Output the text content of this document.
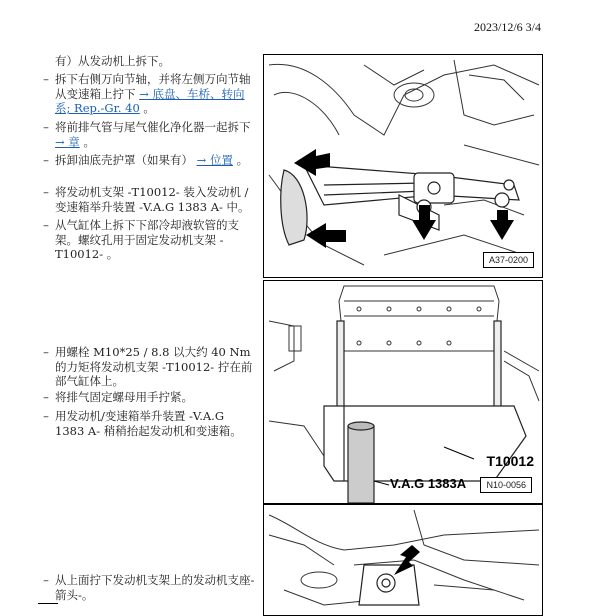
2023/12/6 3/4
有）从发动机上拆下。
– 拆下右侧万向节轴，并将左侧万向节轴从变速箱上拧下 → 底盘、车桥、转向系; Rep.-Gr. 40 。
– 将前排气管与尾气催化净化器一起拆下 → 章 。
– 拆卸油底壳护罩（如果有） → 位置 。
– 将发动机支架 -T10012- 装入发动机 / 变速箱举升装置 -V.A.G 1383 A- 中。
– 从气缸体上拆下下部冷却液软管的支架。螺纹孔用于固定发动机支架 -T10012- 。
– 用螺栓 M10*25 / 8.8 以大约 40 Nm 的力矩将发动机支架 -T10012- 拧在前部气缸体上。
– 将排气固定螺母用手拧紧。
– 用发动机/变速箱举升装置 -V.A.G 1383 A- 稍稍抬起发动机和变速箱。
– 从上面拧下发动机支架上的发动机支座-箭头-。
A37-0200
T10012
V.A.G 1383A	N10-0056
